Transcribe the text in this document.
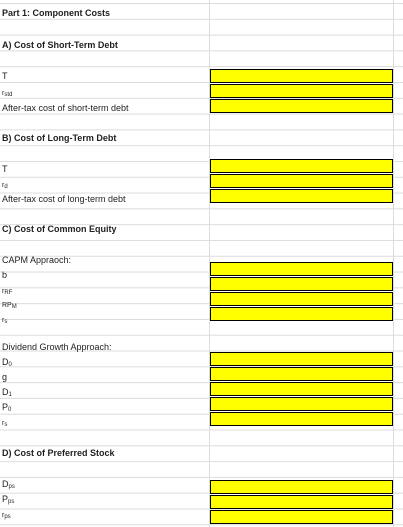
Part 1: Component Costs
A) Cost of Short-Term Debt
T
rstd
After-tax cost of short-term debt
B) Cost of Long-Term Debt
T
rd
After-tax cost of long-term debt
C) Cost of Common Equity
CAPM Appraoch:
b
rRF
RPM
rs
Dividend Growth Approach:
D0
g
D1
P0
rs
D) Cost of Preferred Stock
Dps
Pps
rps
